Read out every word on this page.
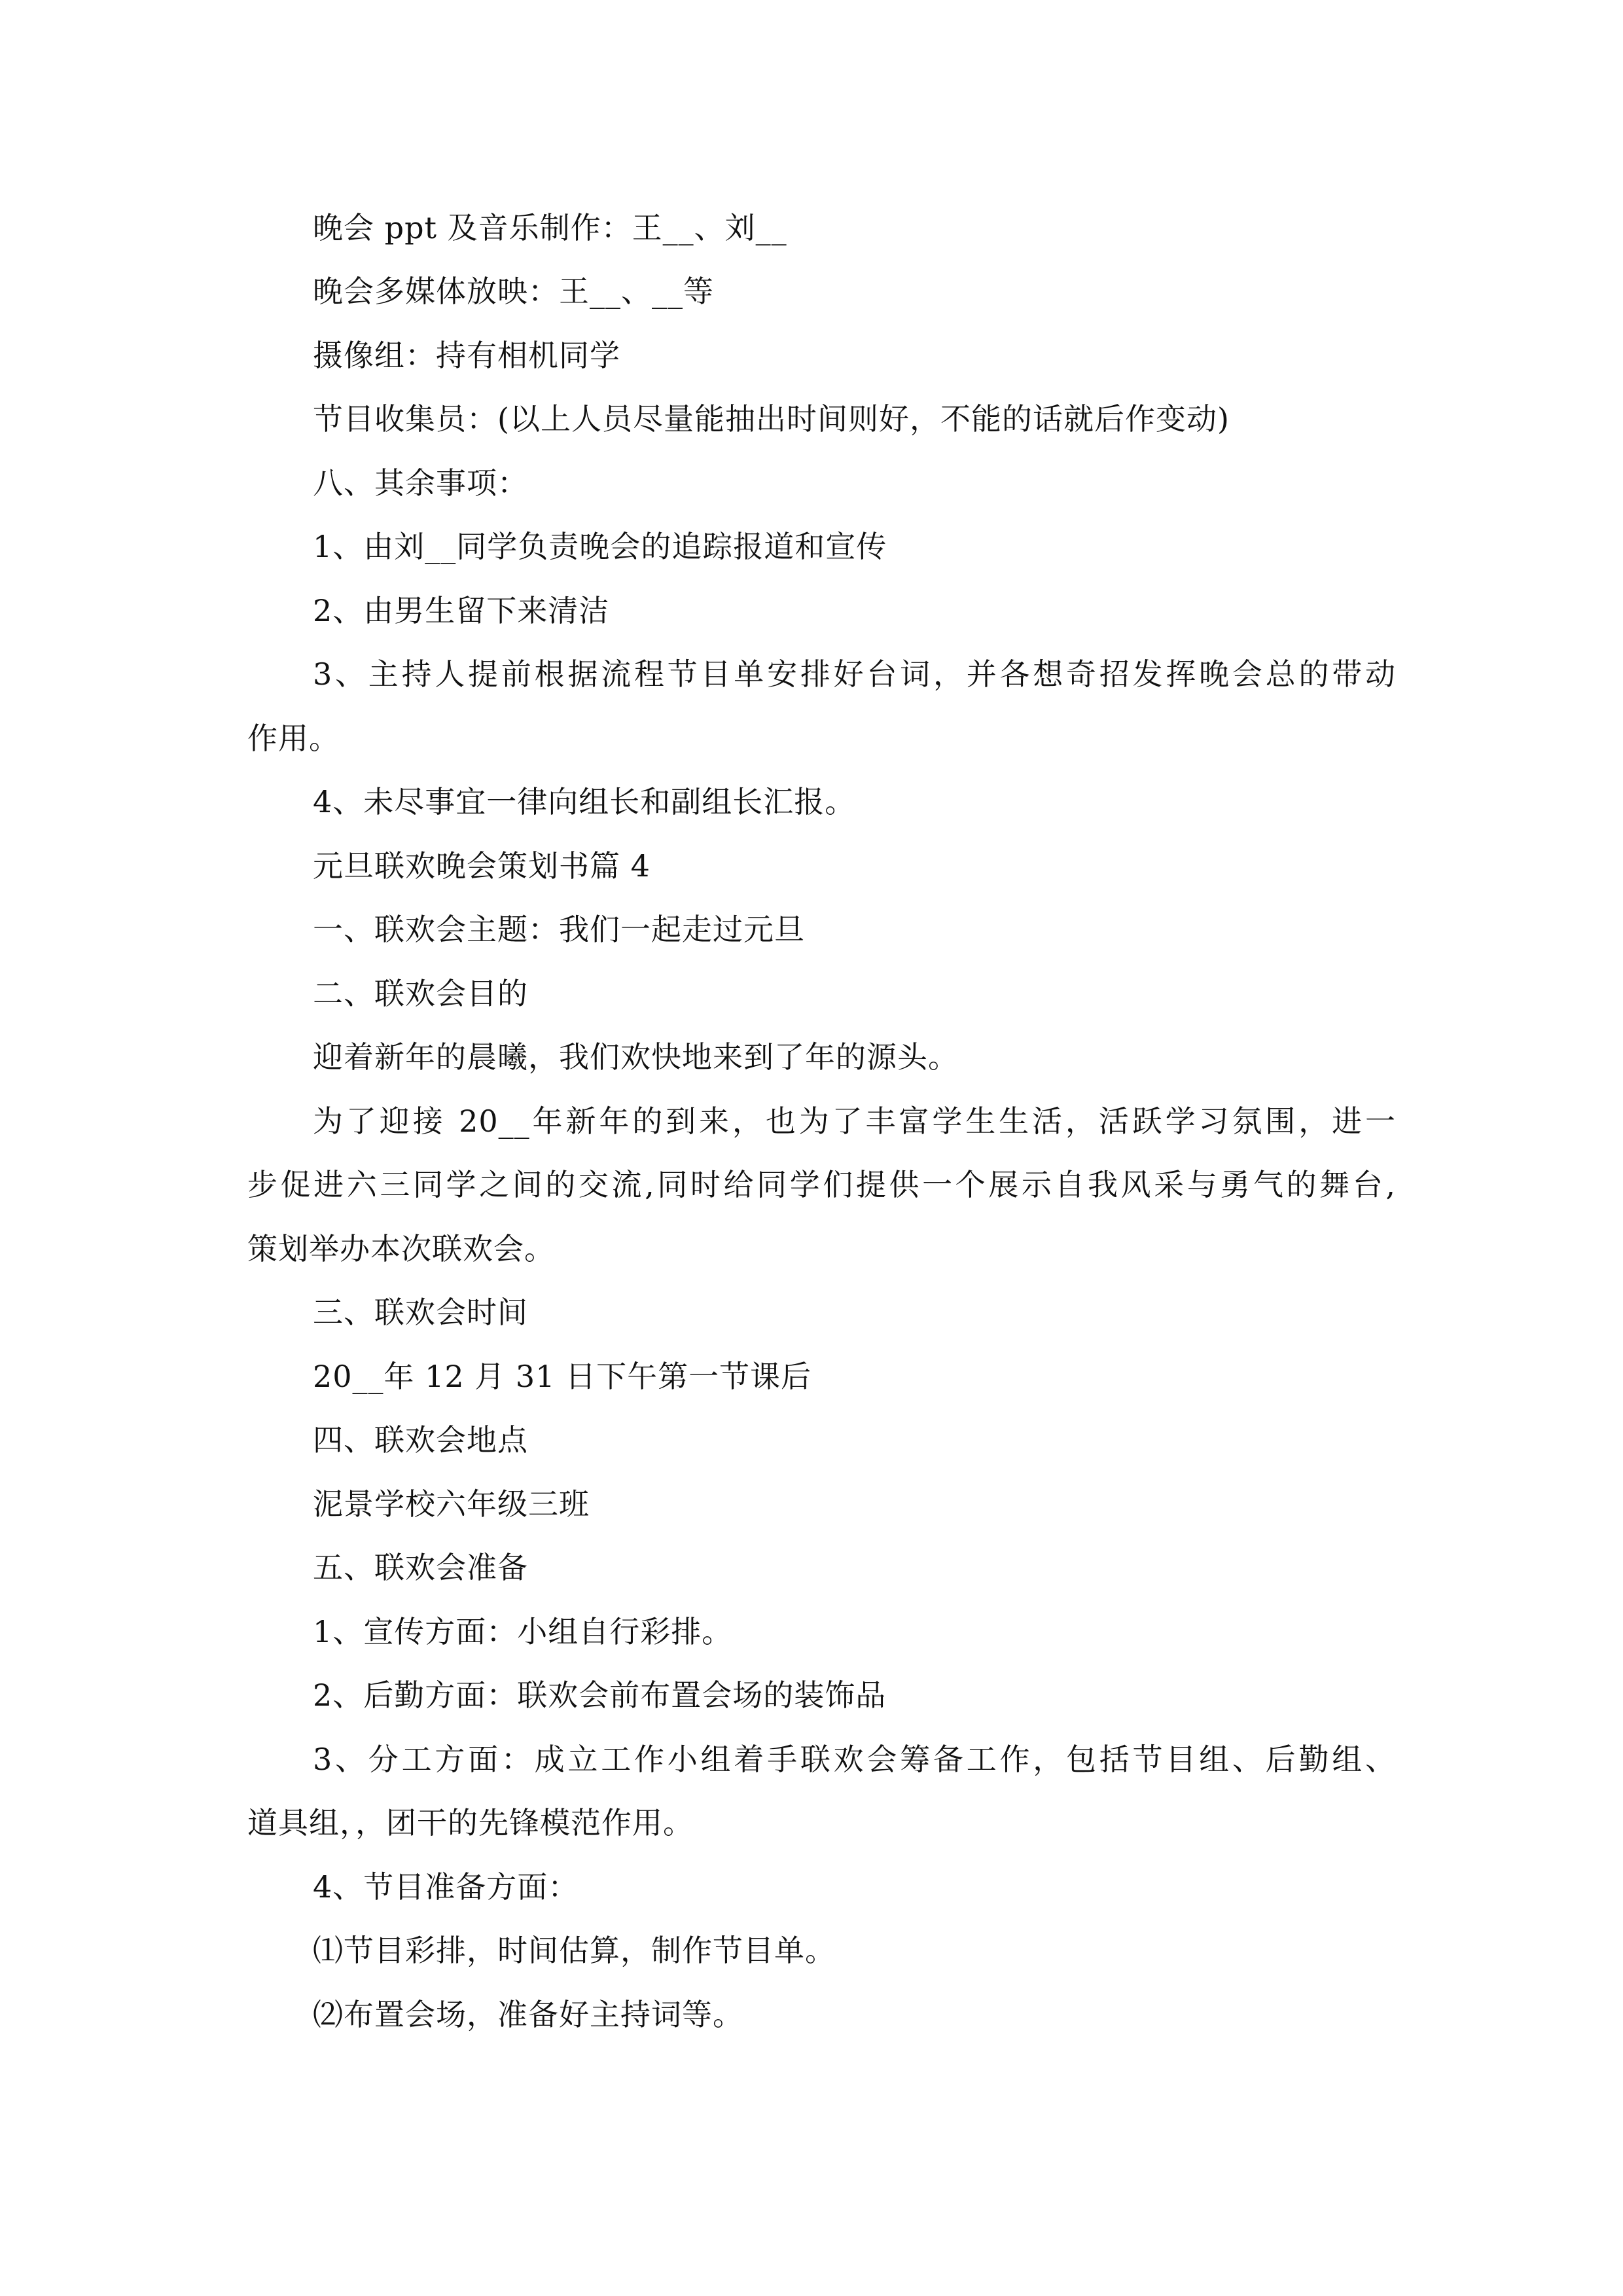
晚会 ppt 及音乐制作：王__、刘__
晚会多媒体放映：王__、__等
摄像组：持有相机同学
节目收集员：(以上人员尽量能抽出时间则好，不能的话就后作变动)
八、其余事项：
1、由刘__同学负责晚会的追踪报道和宣传
2、由男生留下来清洁
3、主持人提前根据流程节目单安排好台词，并各想奇招发挥晚会总的带动
作用。
4、未尽事宜一律向组长和副组长汇报。
元旦联欢晚会策划书篇 4
一、联欢会主题：我们一起走过元旦
二、联欢会目的
迎着新年的晨曦，我们欢快地来到了年的源头。
为了迎接 20__年新年的到来，也为了丰富学生生活，活跃学习氛围，进一
步促进六三同学之间的交流,同时给同学们提供一个展示自我风采与勇气的舞台,
策划举办本次联欢会。
三、联欢会时间
20__年 12 月 31 日下午第一节课后
四、联欢会地点
泥景学校六年级三班
五、联欢会准备
1、宣传方面：小组自行彩排。
2、后勤方面：联欢会前布置会场的装饰品
3、分工方面：成立工作小组着手联欢会筹备工作，包括节目组、后勤组、
道具组，，团干的先锋模范作用。
4、节目准备方面：
⑴节目彩排，时间估算，制作节目单。
⑵布置会场，准备好主持词等。
